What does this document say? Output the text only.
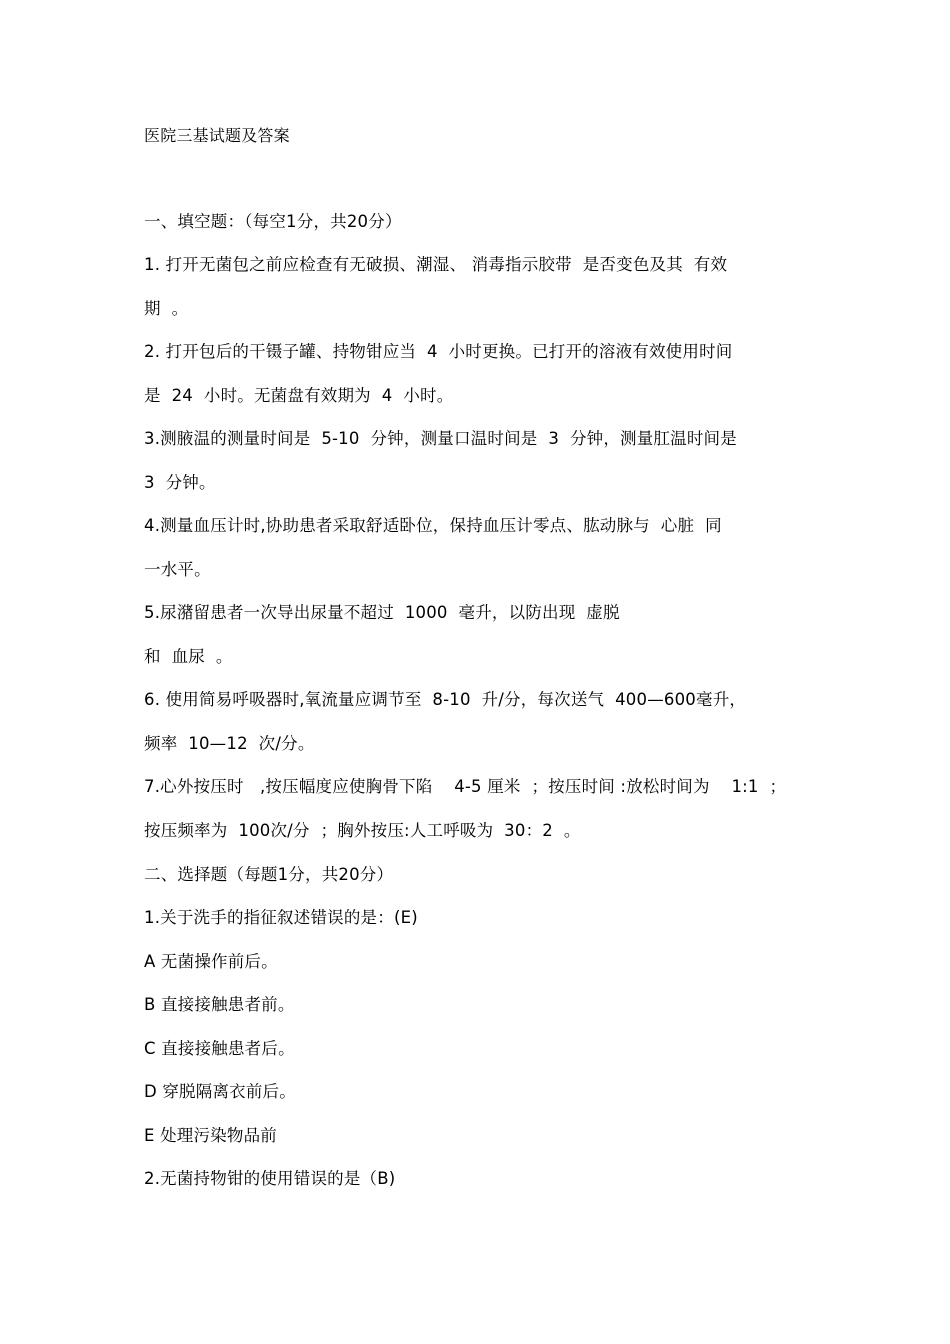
医院三基试题及答案
一、填空题：（每空1分，共20分）
1. 打开无菌包之前应检查有无破损、潮湿、 消毒指示胶带  是否变色及其  有效
期  。
2. 打开包后的干镊子罐、持物钳应当  4  小时更换。已打开的溶液有效使用时间
是  24  小时。无菌盘有效期为  4  小时。
3.测腋温的测量时间是  5-10  分钟，测量口温时间是  3  分钟，测量肛温时间是
3  分钟。
4.测量血压计时,协助患者采取舒适卧位，保持血压计零点、肱动脉与  心脏  同
一水平。
5.尿潴留患者一次导出尿量不超过  1000  毫升，以防出现  虚脱
和  血尿  。
6. 使用简易呼吸器时,氧流量应调节至  8-10  升/分，每次送气  400—600毫升，
频率  10—12  次/分。
7.心外按压时   ,按压幅度应使胸骨下陷    4-5 厘米  ；按压时间 :放松时间为    1:1  ；
按压频率为  100次/分  ；胸外按压:人工呼吸为  30：2  。
二、选择题（每题1分，共20分）
1.关于洗手的指征叙述错误的是：(E)
A 无菌操作前后。
B 直接接触患者前。
C 直接接触患者后。
D 穿脱隔离衣前后。
E 处理污染物品前
2.无菌持物钳的使用错误的是（B)
